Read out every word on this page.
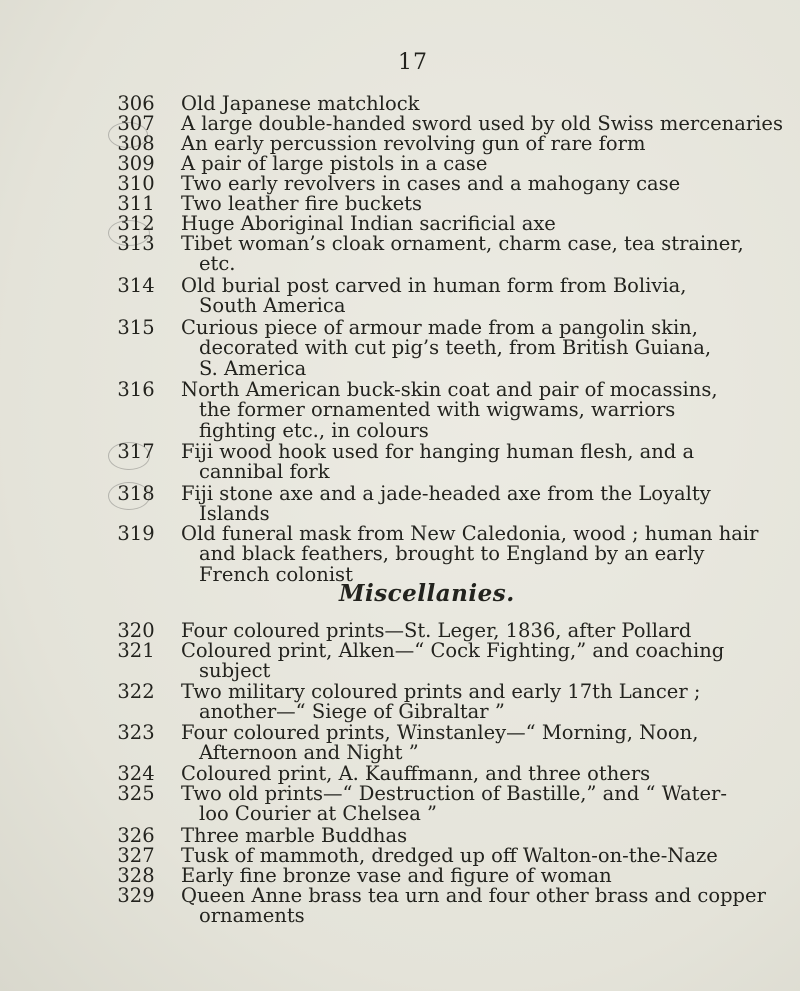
17
306	Old Japanese matchlock
307	A large double-handed sword used by old Swiss mercenaries
308	An early percussion revolving gun of rare form
309	A pair of large pistols in a case
310	Two early revolvers in cases and a mahogany case
311	Two leather fire buckets
312	Huge Aboriginal Indian sacrificial axe
313	Tibet woman’s cloak ornament, charm case, tea strainer,
etc.
314	Old burial post carved in human form from Bolivia,
South America
315	Curious piece of armour made from a pangolin skin,
decorated with cut pig’s teeth, from British Guiana,
S. America
316	North American buck-skin coat and pair of mocassins,
the former ornamented with wigwams, warriors
fighting etc., in colours
317	Fiji wood hook used for hanging human flesh, and a
cannibal fork
318	Fiji stone axe and a jade-headed axe from the Loyalty
Islands
319	Old funeral mask from New Caledonia, wood ; human hair
and black feathers, brought to England by an early
French colonist
Miscellanies.
320	Four coloured prints—St. Leger, 1836, after Pollard
321	Coloured print, Alken—“ Cock Fighting,” and coaching
subject
322	Two military coloured prints and early 17th Lancer ;
another—“ Siege of Gibraltar ”
323	Four coloured prints, Winstanley—“ Morning, Noon,
Afternoon and Night ”
324	Coloured print, A. Kauffmann, and three others
325	Two old prints—“ Destruction of Bastille,” and “ Water-
loo Courier at Chelsea ”
326	Three marble Buddhas
327	Tusk of mammoth, dredged up off Walton-on-the-Naze
328	Early fine bronze vase and figure of woman
329	Queen Anne brass tea urn and four other brass and copper
ornaments
